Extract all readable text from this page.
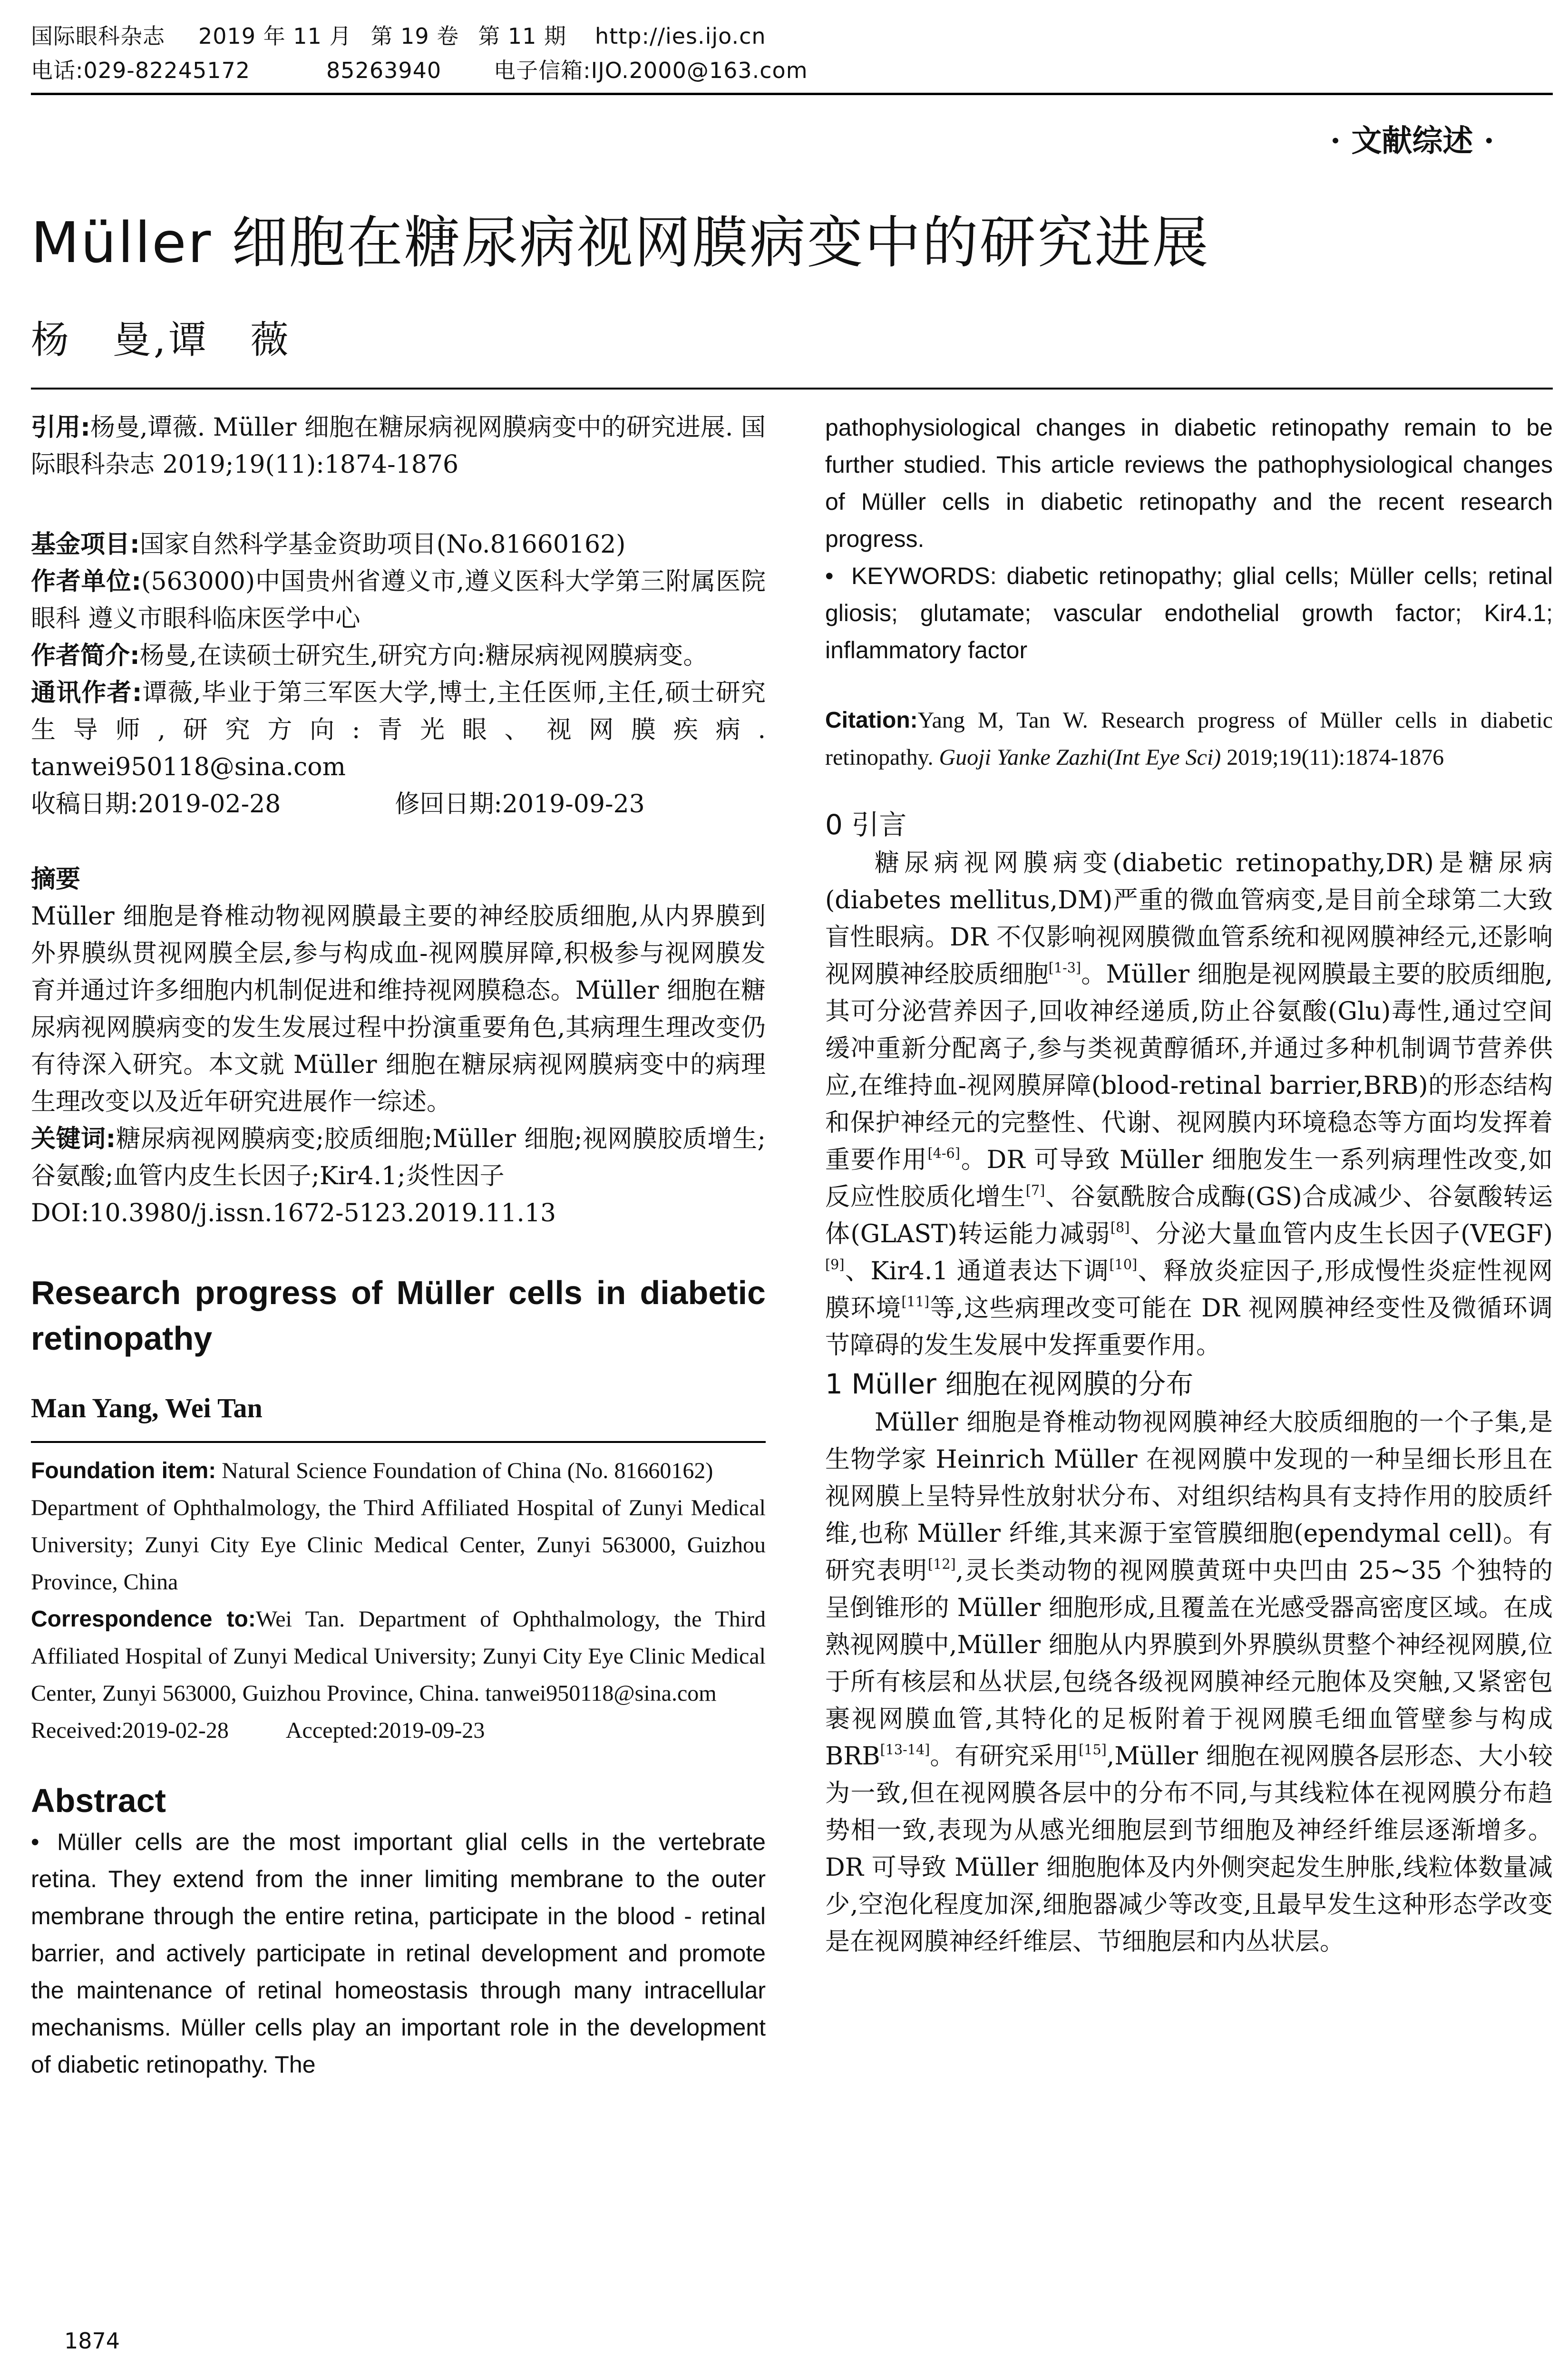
国际眼科杂志 2019 年 11 月 第 19 卷 第 11 期 http://ies.ijo.cn
电话:029-82245172	85263940 电子信箱:IJO.2000@163.com
· 文献综述 ·
Müller 细胞在糖尿病视网膜病变中的研究进展
杨　曼,谭　薇

引用:杨曼,谭薇. Müller 细胞在糖尿病视网膜病变中的研究进展. 国际眼科杂志 2019;19(11):1874-1876

基金项目:国家自然科学基金资助项目(No.81660162)

作者单位:(563000)中国贵州省遵义市,遵义医科大学第三附属医院眼科 遵义市眼科临床医学中心

作者简介:杨曼,在读硕士研究生,研究方向:糖尿病视网膜病变。

通讯作者:谭薇,毕业于第三军医大学,博士,主任医师,主任,硕士研究生导师,研究方向:青光眼、视网膜疾病. tanwei950118@sina.com

收稿日期:2019-02-28	修回日期:2019-09-23

摘要

Müller 细胞是脊椎动物视网膜最主要的神经胶质细胞,从内界膜到外界膜纵贯视网膜全层,参与构成血-视网膜屏障,积极参与视网膜发育并通过许多细胞内机制促进和维持视网膜稳态。Müller 细胞在糖尿病视网膜病变的发生发展过程中扮演重要角色,其病理生理改变仍有待深入研究。本文就 Müller 细胞在糖尿病视网膜病变中的病理生理改变以及近年研究进展作一综述。

关键词:糖尿病视网膜病变;胶质细胞;Müller 细胞;视网膜胶质增生;谷氨酸;血管内皮生长因子;Kir4.1;炎性因子

DOI:10.3980/j.issn.1672-5123.2019.11.13

Research progress of Müller cells in diabetic retinopathy

Man Yang, Wei Tan

Foundation item: Natural Science Foundation of China (No. 81660162)

Department of Ophthalmology, the Third Affiliated Hospital of Zunyi Medical University; Zunyi City Eye Clinic Medical Center, Zunyi 563000, Guizhou Province, China

Correspondence to:Wei Tan. Department of Ophthalmology, the Third Affiliated Hospital of Zunyi Medical University; Zunyi City Eye Clinic Medical Center, Zunyi 563000, Guizhou Province, China. tanwei950118@sina.com

Received:2019-02-28	Accepted:2019-09-23

Abstract

• Müller cells are the most important glial cells in the vertebrate retina. They extend from the inner limiting membrane to the outer membrane through the entire retina, participate in the blood - retinal barrier, and actively participate in retinal development and promote the maintenance of retinal homeostasis through many intracellular mechanisms. Müller cells play an important role in the development of diabetic retinopathy. The

pathophysiological changes in diabetic retinopathy remain to be further studied. This article reviews the pathophysiological changes of Müller cells in diabetic retinopathy and the recent research progress.

• KEYWORDS: diabetic retinopathy; glial cells; Müller cells; retinal gliosis; glutamate; vascular endothelial growth factor; Kir4.1; inflammatory factor

Citation:Yang M, Tan W. Research progress of Müller cells in diabetic retinopathy. Guoji Yanke Zazhi(Int Eye Sci) 2019;19(11):1874-1876

0 引言

糖尿病视网膜病变(diabetic retinopathy,DR)是糖尿病(diabetes mellitus,DM)严重的微血管病变,是目前全球第二大致盲性眼病。DR 不仅影响视网膜微血管系统和视网膜神经元,还影响视网膜神经胶质细胞[1-3]。Müller 细胞是视网膜最主要的胶质细胞,其可分泌营养因子,回收神经递质,防止谷氨酸(Glu)毒性,通过空间缓冲重新分配离子,参与类视黄醇循环,并通过多种机制调节营养供应,在维持血-视网膜屏障(blood-retinal barrier,BRB)的形态结构和保护神经元的完整性、代谢、视网膜内环境稳态等方面均发挥着重要作用[4-6]。DR 可导致 Müller 细胞发生一系列病理性改变,如反应性胶质化增生[7]、谷氨酰胺合成酶(GS)合成减少、谷氨酸转运体(GLAST)转运能力减弱[8]、分泌大量血管内皮生长因子(VEGF)[9]、Kir4.1 通道表达下调[10]、释放炎症因子,形成慢性炎症性视网膜环境[11]等,这些病理改变可能在 DR 视网膜神经变性及微循环调节障碍的发生发展中发挥重要作用。

1 Müller 细胞在视网膜的分布

Müller 细胞是脊椎动物视网膜神经大胶质细胞的一个子集,是生物学家 Heinrich Müller 在视网膜中发现的一种呈细长形且在视网膜上呈特异性放射状分布、对组织结构具有支持作用的胶质纤维,也称 Müller 纤维,其来源于室管膜细胞(ependymal cell)。有研究表明[12],灵长类动物的视网膜黄斑中央凹由 25~35 个独特的呈倒锥形的 Müller 细胞形成,且覆盖在光感受器高密度区域。在成熟视网膜中,Müller 细胞从内界膜到外界膜纵贯整个神经视网膜,位于所有核层和丛状层,包绕各级视网膜神经元胞体及突触,又紧密包裹视网膜血管,其特化的足板附着于视网膜毛细血管壁参与构成 BRB[13-14]。有研究采用[15],Müller 细胞在视网膜各层形态、大小较为一致,但在视网膜各层中的分布不同,与其线粒体在视网膜分布趋势相一致,表现为从感光细胞层到节细胞及神经纤维层逐渐增多。DR 可导致 Müller 细胞胞体及内外侧突起发生肿胀,线粒体数量减少,空泡化程度加深,细胞器减少等改变,且最早发生这种形态学改变是在视网膜神经纤维层、节细胞层和内丛状层。

1874
